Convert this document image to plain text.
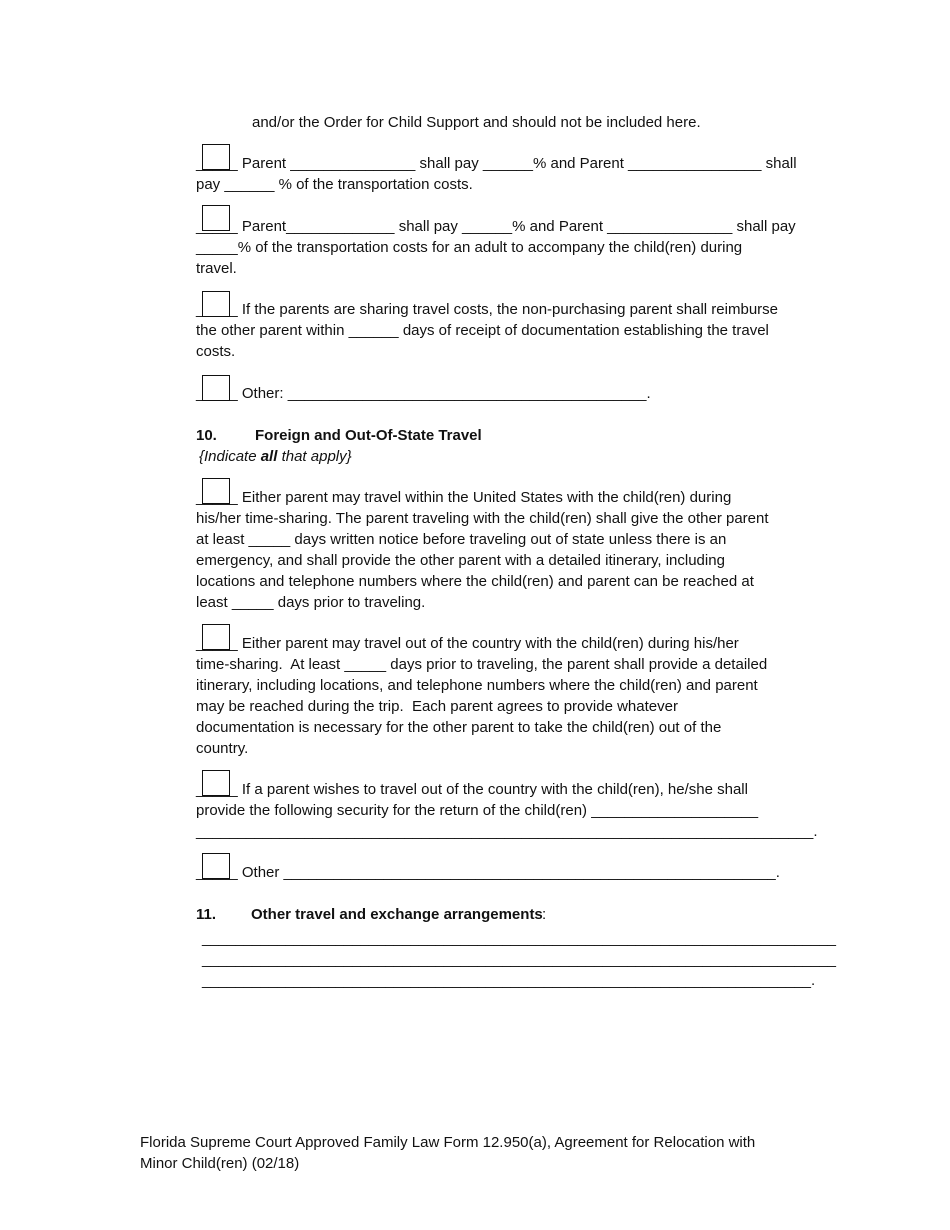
and/or the Order for Child Support and should not be included here.
_____ Parent _______________ shall pay ______% and Parent ________________ shall
pay ______ % of the transportation costs.
_____ Parent_____________ shall pay ______% and Parent _______________ shall pay
_____% of the transportation costs for an adult to accompany the child(ren) during
travel.
_____ If the parents are sharing travel costs, the non-purchasing parent shall reimburse
the other parent within ______ days of receipt of documentation establishing the travel
costs.
_____ Other: ___________________________________________.
10.	Foreign and Out-Of-State Travel
{Indicate all that apply}
_____ Either parent may travel within the United States with the child(ren) during
his/her time-sharing. The parent traveling with the child(ren) shall give the other parent
at least _____ days written notice before traveling out of state unless there is an
emergency, and shall provide the other parent with a detailed itinerary, including
locations and telephone numbers where the child(ren) and parent can be reached at
least _____ days prior to traveling.
_____ Either parent may travel out of the country with the child(ren) during his/her
time-sharing.  At least _____ days prior to traveling, the parent shall provide a detailed
itinerary, including locations, and telephone numbers where the child(ren) and parent
may be reached during the trip.  Each parent agrees to provide whatever
documentation is necessary for the other parent to take the child(ren) out of the
country.
_____ If a parent wishes to travel out of the country with the child(ren), he/she shall
provide the following security for the return of the child(ren) ____________________
__________________________________________________________________________.
_____ Other ___________________________________________________________.
11. Other travel and exchange arrangements :
____________________________________________________________________________
____________________________________________________________________________
_________________________________________________________________________.
Florida Supreme Court Approved Family Law Form 12.950(a), Agreement for Relocation with
Minor Child(ren) (02/18)
